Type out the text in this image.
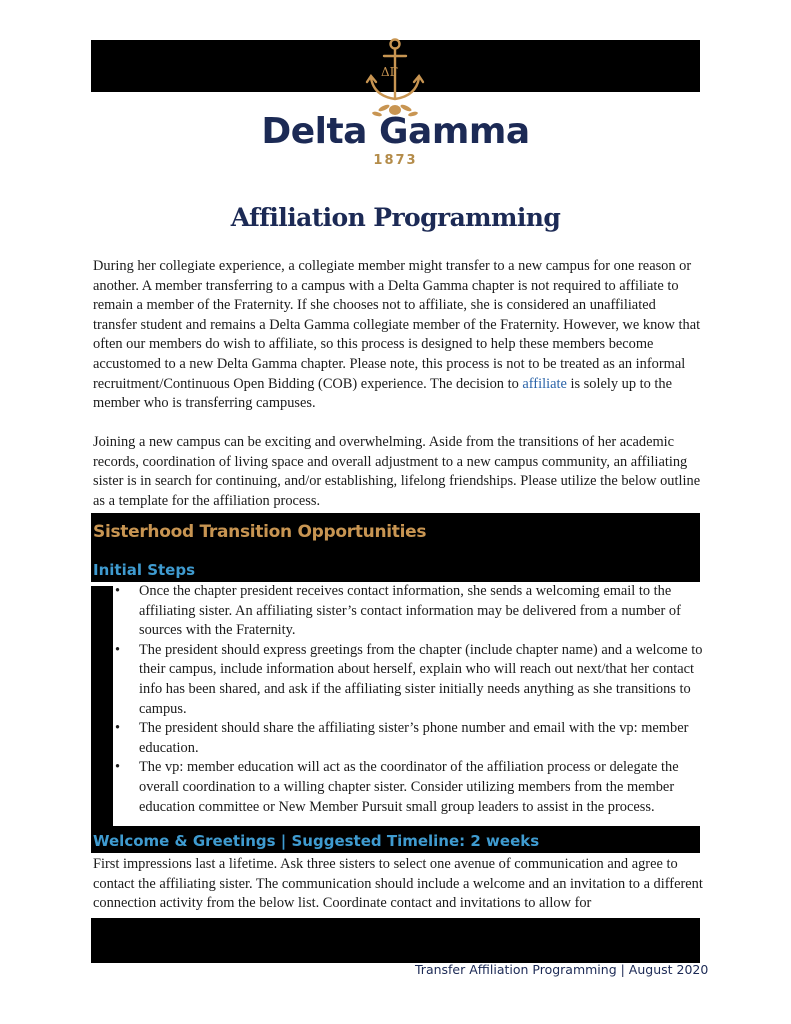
ΔΓ
Delta Gamma
1873
Affiliation Programming

During her collegiate experience, a collegiate member might transfer to a new campus for one reason or another. A member transferring to a campus with a Delta Gamma chapter is not required to affiliate to remain a member of the Fraternity. If she chooses not to affiliate, she is considered an unaffiliated transfer student and remains a Delta Gamma collegiate member of the Fraternity. However, we know that often our members do wish to affiliate, so this process is designed to help these members become accustomed to a new Delta Gamma chapter. Please note, this process is not to be treated as an informal recruitment/Continuous Open Bidding (COB) experience. The decision to affiliate is solely up to the member who is transferring campuses.

Joining a new campus can be exciting and overwhelming. Aside from the transitions of her academic records, coordination of living space and overall adjustment to a new campus community, an affiliating sister is in search for continuing, and/or establishing, lifelong friendships. Please utilize the below outline as a template for the affiliation process.

Sisterhood Transition Opportunities
Initial Steps
• Once the chapter president receives contact information, she sends a welcoming email to the affiliating sister. An affiliating sister’s contact information may be delivered from a number of sources with the Fraternity.
• The president should express greetings from the chapter (include chapter name) and a welcome to their campus, include information about herself, explain who will reach out next/that her contact info has been shared, and ask if the affiliating sister initially needs anything as she transitions to campus.
• The president should share the affiliating sister’s phone number and email with the vp: member education.
• The vp: member education will act as the coordinator of the affiliation process or delegate the overall coordination to a willing chapter sister. Consider utilizing members from the member education committee or New Member Pursuit small group leaders to assist in the process.
Welcome & Greetings | Suggested Timeline: 2 weeks

First impressions last a lifetime. Ask three sisters to select one avenue of communication and agree to contact the affiliating sister. The communication should include a welcome and an invitation to a different connection activity from the below list. Coordinate contact and invitations to allow for

Transfer Affiliation Programming | August 2020
